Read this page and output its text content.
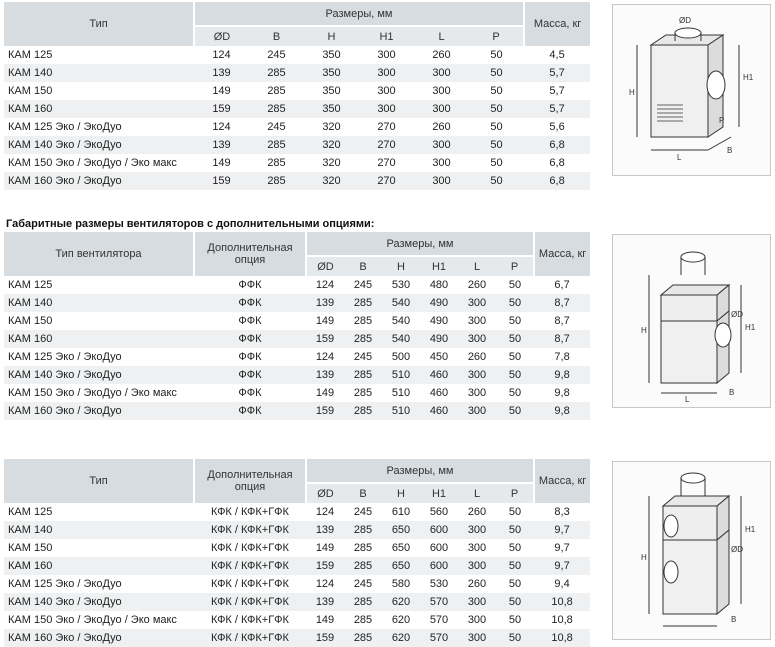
Тип	Размеры, мм						Масса, кг
	ØD	B	H	H1	L	P	
КАМ 125	124	245	350	300	260	50	4,5
КАМ 140	139	285	350	300	300	50	5,7
КАМ 150	149	285	350	300	300	50	5,7
КАМ 160	159	285	350	300	300	50	5,7
КАМ 125 Эко / ЭкоДуо	124	245	320	270	260	50	5,6
КАМ 140 Эко / ЭкоДуо	139	285	320	270	300	50	6,8
КАМ 150 Эко / ЭкоДуо / Эко макс	149	285	320	270	300	50	6,8
КАМ 160 Эко / ЭкоДуо	159	285	320	270	300	50	6,8
ØD
H1
H
P
L
B
Габаритные размеры вентиляторов с дополнительными опциями:
Тип вентилятора	Дополнительная опция	Размеры, мм						Масса, кг
		ØD	B	H	H1	L	P	
КАМ 125	ФФК	124	245	530	480	260	50	6,7
КАМ 140	ФФК	139	285	540	490	300	50	8,7
КАМ 150	ФФК	149	285	540	490	300	50	8,7
КАМ 160	ФФК	159	285	540	490	300	50	8,7
КАМ 125 Эко / ЭкоДуо	ФФК	124	245	500	450	260	50	7,8
КАМ 140 Эко / ЭкоДуо	ФФК	139	285	510	460	300	50	9,8
КАМ 150 Эко / ЭкоДуо / Эко макс	ФФК	149	285	510	460	300	50	9,8
КАМ 160 Эко / ЭкоДуо	ФФК	159	285	510	460	300	50	9,8
H1
H
ØD
L
B
Тип	Дополнительная опция	Размеры, мм						Масса, кг
		ØD	B	H	H1	L	P	
КАМ 125	КФК / КФК+ГФК	124	245	610	560	260	50	8,3
КАМ 140	КФК / КФК+ГФК	139	285	650	600	300	50	9,7
КАМ 150	КФК / КФК+ГФК	149	285	650	600	300	50	9,7
КАМ 160	КФК / КФК+ГФК	159	285	650	600	300	50	9,7
КАМ 125 Эко / ЭкоДуо	КФК / КФК+ГФК	124	245	580	530	260	50	9,4
КАМ 140 Эко / ЭкоДуо	КФК / КФК+ГФК	139	285	620	570	300	50	10,8
КАМ 150 Эко / ЭкоДуо / Эко макс	КФК / КФК+ГФК	149	285	620	570	300	50	10,8
КАМ 160 Эко / ЭкоДуо	КФК / КФК+ГФК	159	285	620	570	300	50	10,8
H1
H
ØD
B
